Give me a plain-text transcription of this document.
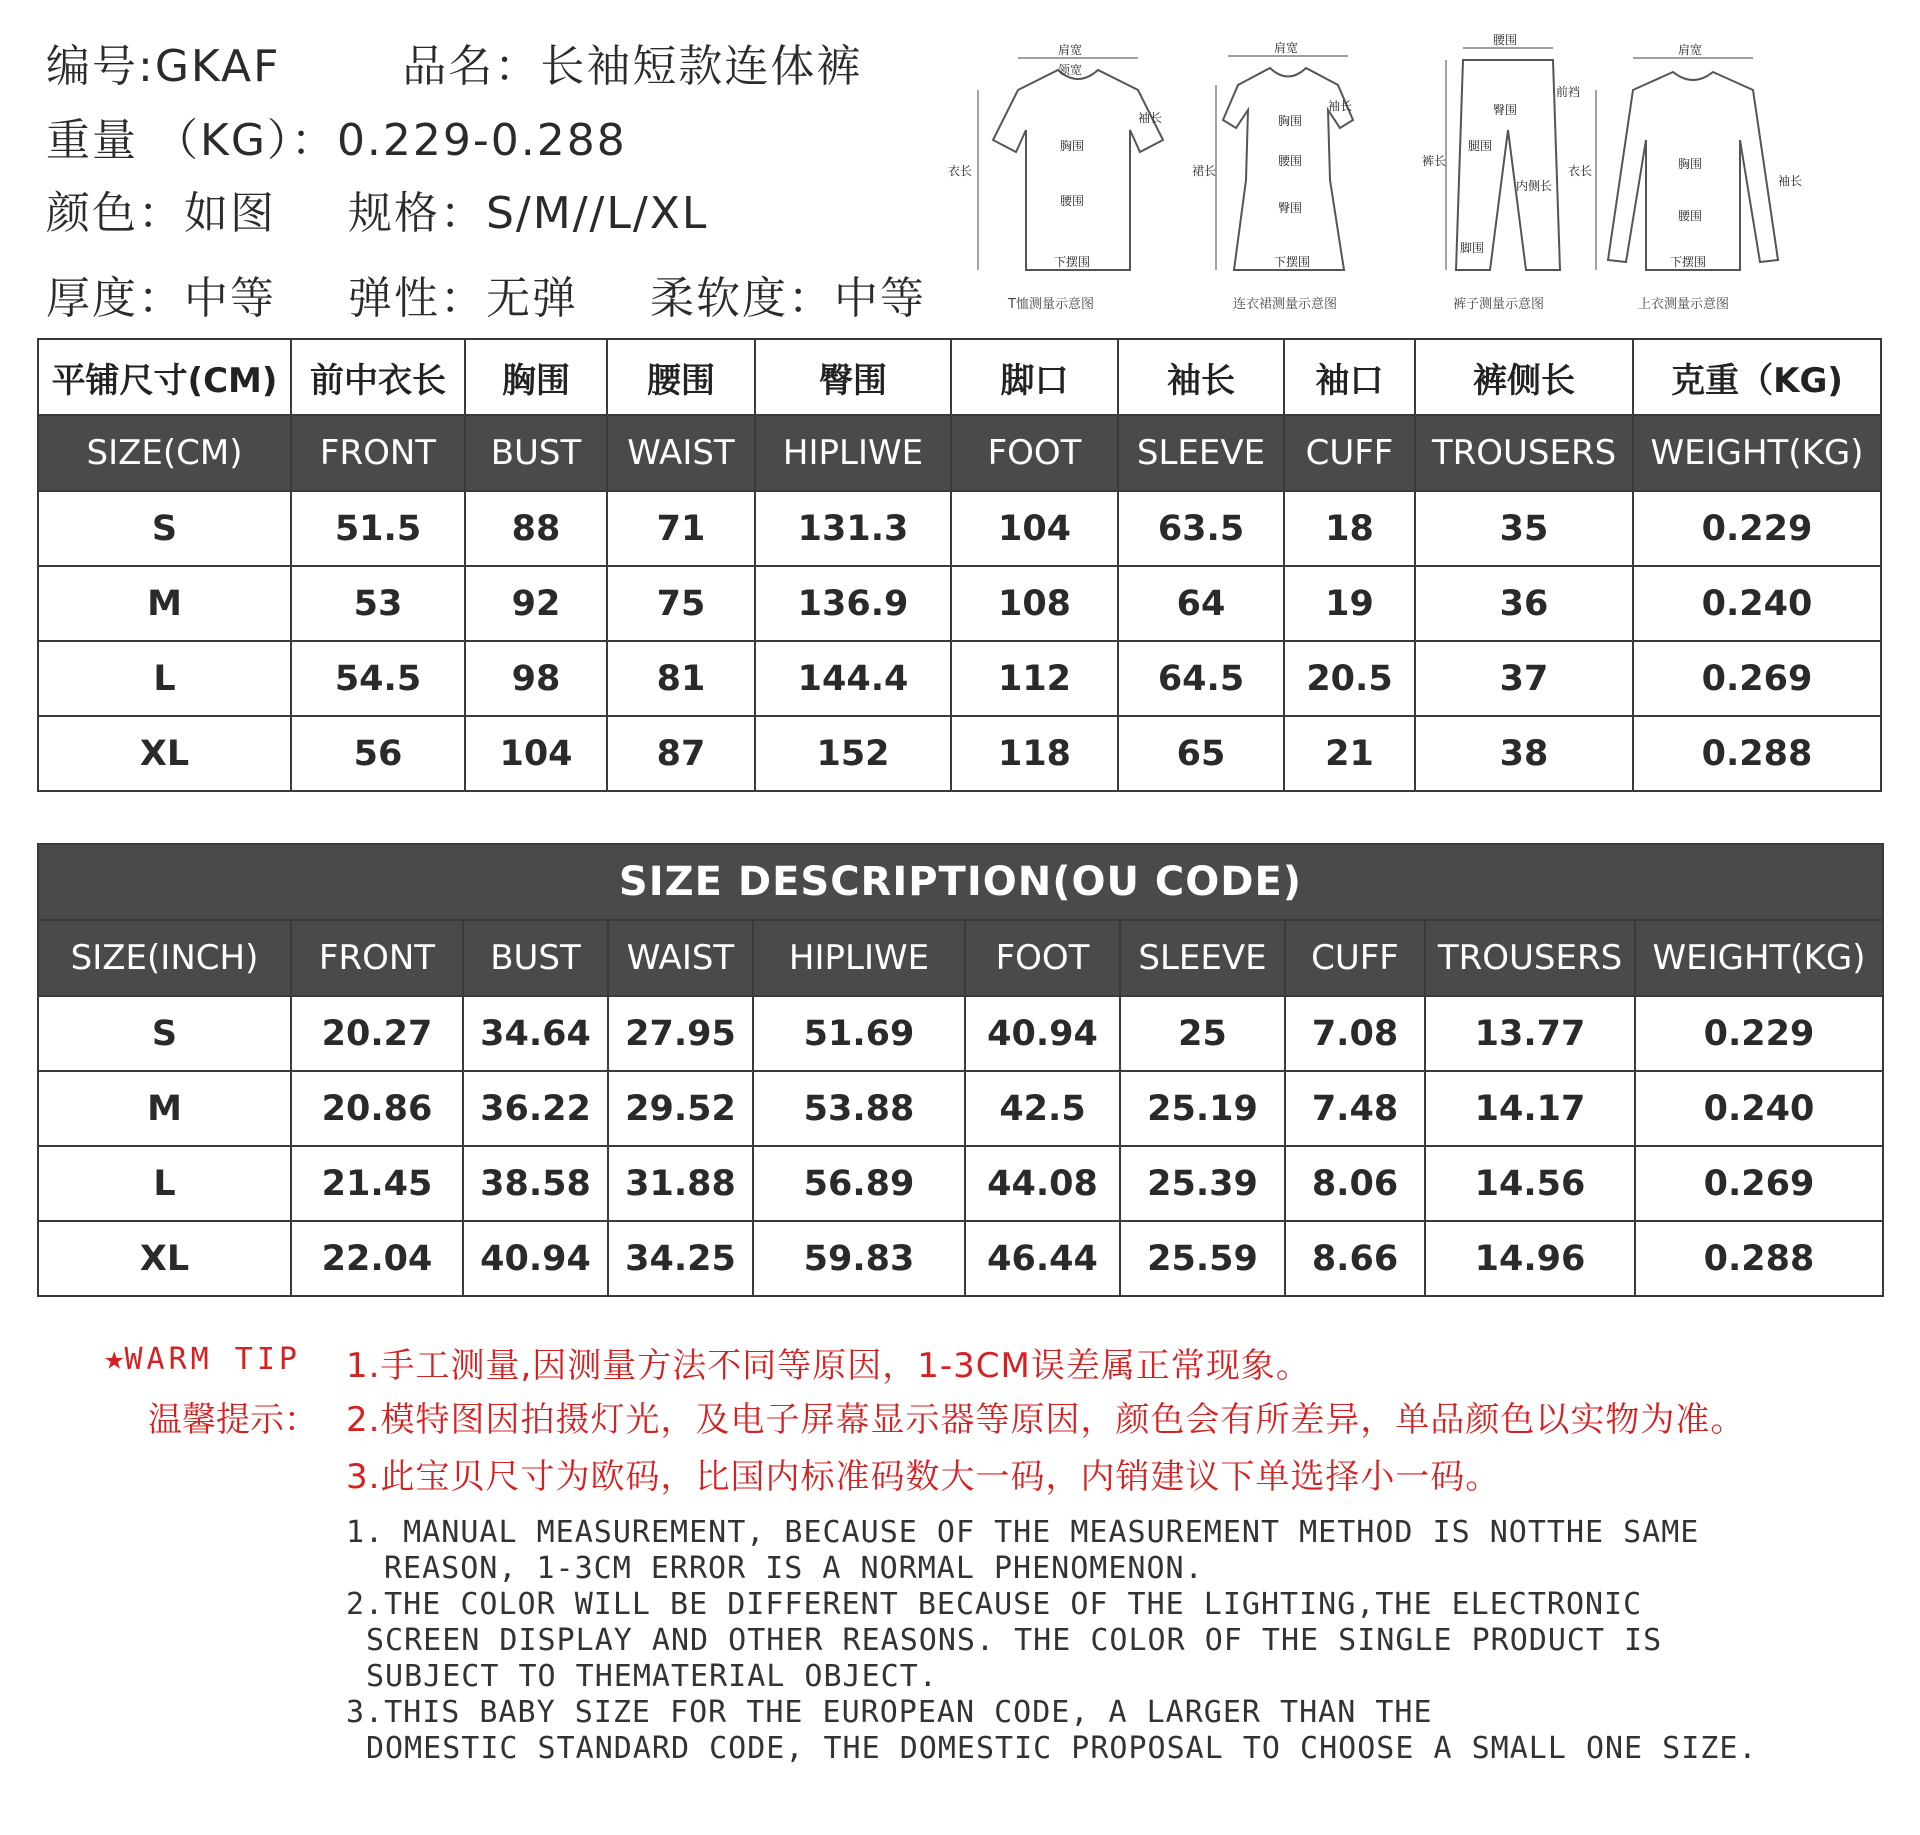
编号:GKAF	品名：长袖短款连体裤
重量 （KG）：0.229-0.288
颜色：如图 规格：S/M//L/XL
厚度：中等 弹性：无弹 柔软度：中等
肩宽
领宽
袖长
衣长
胸围
腰围
下摆围
肩宽
袖长
胸围
裙长
腰围
臀围
下摆围
腰围
前裆
臀围
腿围
裤长
内侧长
脚围
肩宽
衣长	胸围
袖长
腰围
下摆围
T恤测量示意图	连衣裙测量示意图	裤子测量示意图	上衣测量示意图
平铺尺寸(CM)	前中衣长	胸围	腰围	臀围	脚口	袖长	袖口	裤侧长	克重（KG)
SIZE(CM)	FRONT	BUST	WAIST	HIPLIWE	FOOT	SLEEVE	CUFF	TROUSERS	WEIGHT(KG)
S	51.5	88	71	131.3	104	63.5	18	35	0.229
M	53	92	75	136.9	108	64	19	36	0.240
L	54.5	98	81	144.4	112	64.5	20.5	37	0.269
XL	56	104	87	152	118	65	21	38	0.288
SIZE DESCRIPTION(OU CODE)									
SIZE(INCH)	FRONT	BUST	WAIST	HIPLIWE	FOOT	SLEEVE	CUFF	TROUSERS	WEIGHT(KG)
S	20.27	34.64	27.95	51.69	40.94	25	7.08	13.77	0.229
M	20.86	36.22	29.52	53.88	42.5	25.19	7.48	14.17	0.240
L	21.45	38.58	31.88	56.89	44.08	25.39	8.06	14.56	0.269
XL	22.04	40.94	34.25	59.83	46.44	25.59	8.66	14.96	0.288
★WARM TIP
温馨提示：
1.手工测量,因测量方法不同等原因，1-3CM误差属正常现象。
2.模特图因拍摄灯光，及电子屏幕显示器等原因，颜色会有所差异，单品颜色以实物为准。
3.此宝贝尺寸为欧码，比国内标准码数大一码，内销建议下单选择小一码。
1. MANUAL MEASUREMENT, BECAUSE OF THE MEASUREMENT METHOD IS NOTTHE SAME
REASON, 1-3CM ERROR IS A NORMAL PHENOMENON.
2.THE COLOR WILL BE DIFFERENT BECAUSE OF THE LIGHTING,THE ELECTRONIC
SCREEN DISPLAY AND OTHER REASONS. THE COLOR OF THE SINGLE PRODUCT IS
SUBJECT TO THEMATERIAL OBJECT.
3.THIS BABY SIZE FOR THE EUROPEAN CODE, A LARGER THAN THE
DOMESTIC STANDARD CODE, THE DOMESTIC PROPOSAL TO CHOOSE A SMALL ONE SIZE.
